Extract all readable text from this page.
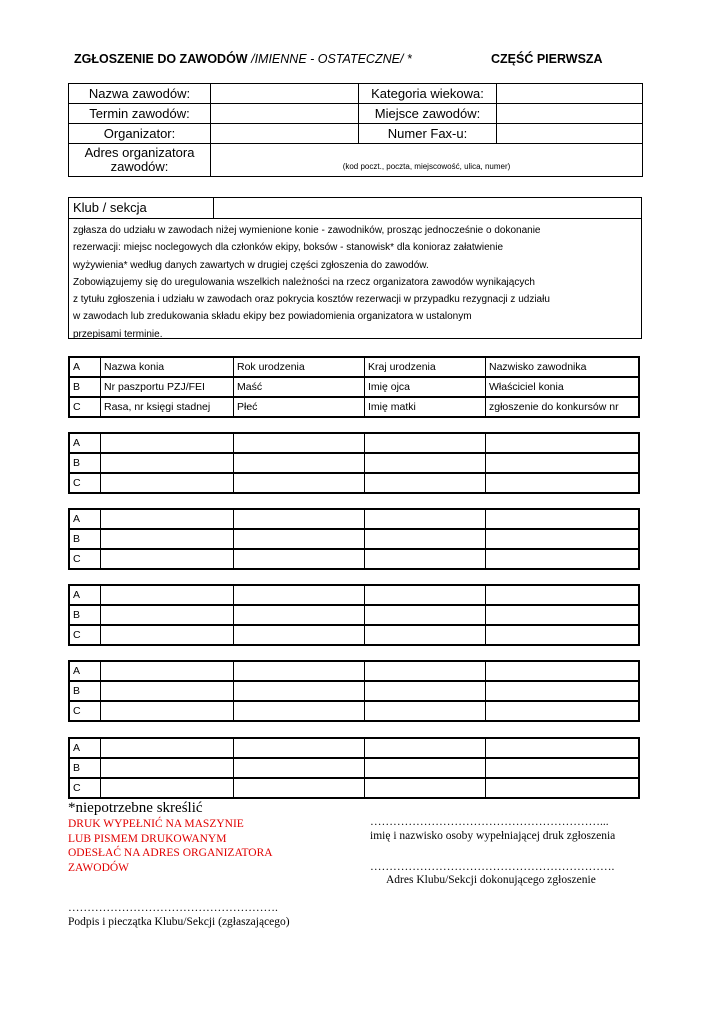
ZGŁOSZENIE DO ZAWODÓW /IMIENNE - OSTATECZNE/ *	CZĘŚĆ PIERWSZA
Nazwa zawodów:		Kategoria wiekowa:	
Termin zawodów:		Miejsce zawodów:	
Organizator:		Numer Fax-u:	

Adres organizatora
zawodów:	(kod poczt., poczta, miejscowość, ulica, numer)		
Klub / sekcja
zgłasza do udziału w zawodach niżej wymienione konie - zawodników, prosząc jednocześnie o dokonanie
rezerwacji: miejsc noclegowych dla członków ekipy, boksów - stanowisk* dla konioraz załatwienie
wyżywienia* według danych zawartych w drugiej części zgłoszenia do zawodów.
Zobowiązujemy się do uregulowania wszelkich należności na rzecz organizatora zawodów wynikających
z tytułu zgłoszenia i udziału w zawodach oraz pokrycia kosztów rezerwacji w przypadku rezygnacji z udziału
w zawodach lub zredukowania składu ekipy bez powiadomienia organizatora w ustalonym
przepisami terminie.
A	Nazwa konia	Rok urodzenia	Kraj urodzenia	Nazwisko zawodnika
B	Nr paszportu PZJ/FEI	Maść	Imię ojca	Właściciel konia
C	Rasa, nr księgi stadnej	Płeć	Imię matki	zgłoszenie do konkursów nr
A				
B				
C				
A				
B				
C				
A				
B				
C				
A				
B				
C				
A				
B				
C				
*niepotrzebne skreślić
DRUK WYPEŁNIĆ NA MASZYNIE
LUB PISMEM DRUKOWANYM
ODESŁAĆ NA ADRES ORGANIZATORA
ZAWODÓW
……………………………………………………...
imię i nazwisko osoby wypełniającej druk zgłoszenia
……………………………………………………….
Adres Klubu/Sekcji dokonującego zgłoszenie
……………………………………………….
Podpis i pieczątka Klubu/Sekcji (zgłaszającego)
